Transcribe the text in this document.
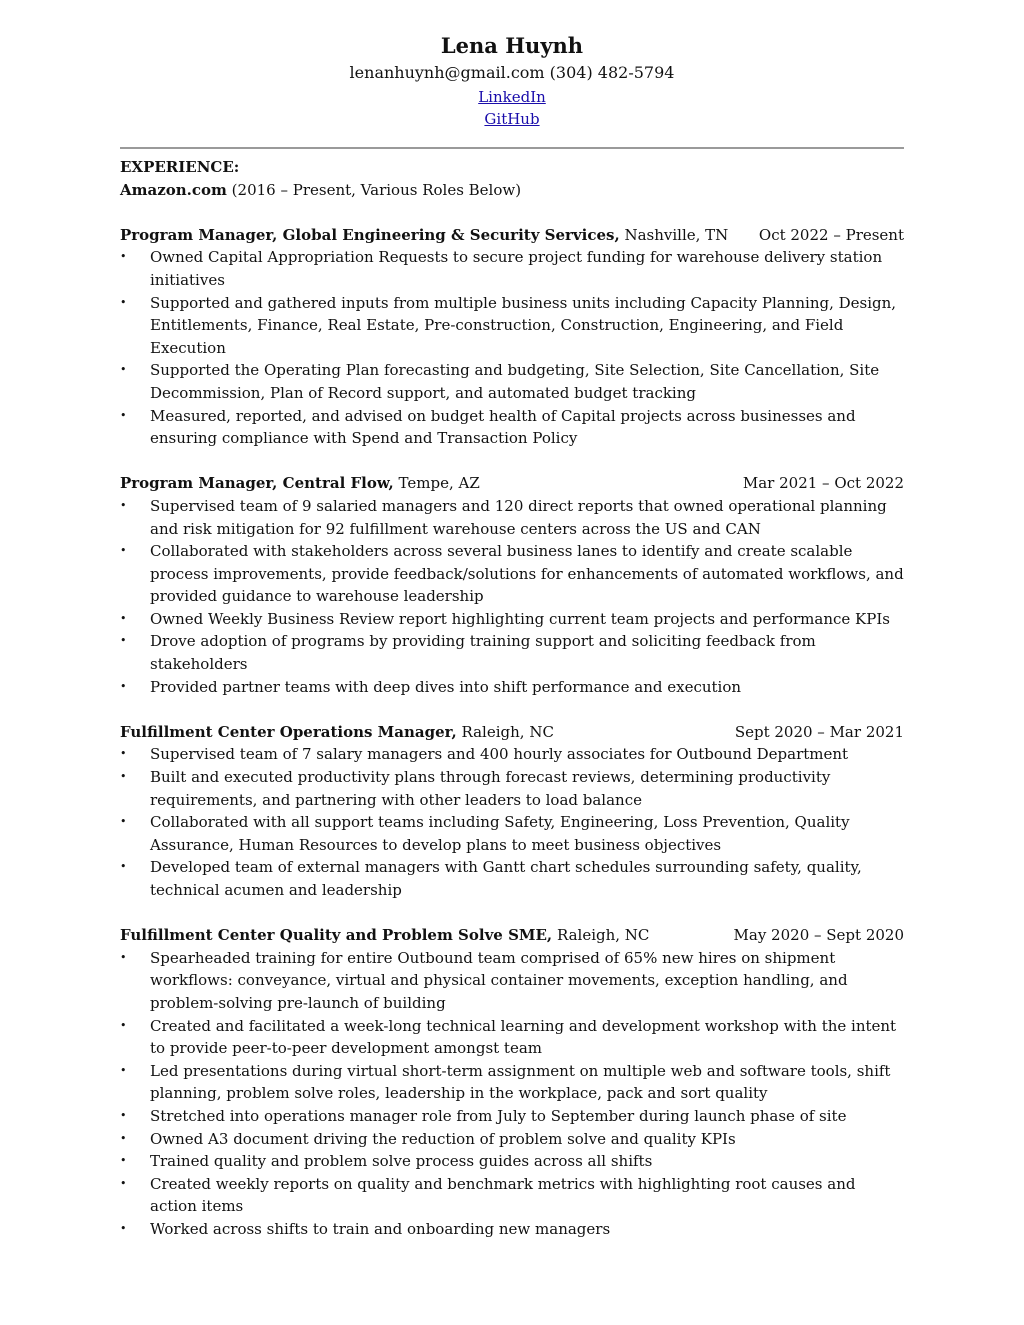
Lena Huynh
lenanhuynh@gmail.com (304) 482-5794
LinkedIn
GitHub
EXPERIENCE:
Amazon.com (2016 – Present, Various Roles Below)
Program Manager, Global Engineering & Security Services, Nashville, TN Oct 2022 – Present
• Owned Capital Appropriation Requests to secure project funding for warehouse delivery station initiatives
• Supported and gathered inputs from multiple business units including Capacity Planning, Design, Entitlements, Finance, Real Estate, Pre-construction, Construction, Engineering, and Field Execution
• Supported the Operating Plan forecasting and budgeting, Site Selection, Site Cancellation, Site Decommission, Plan of Record support, and automated budget tracking
• Measured, reported, and advised on budget health of Capital projects across businesses and ensuring compliance with Spend and Transaction Policy
Program Manager, Central Flow, Tempe, AZ	Mar 2021 – Oct 2022
• Supervised team of 9 salaried managers and 120 direct reports that owned operational planning and risk mitigation for 92 fulfillment warehouse centers across the US and CAN
• Collaborated with stakeholders across several business lanes to identify and create scalable process improvements, provide feedback/solutions for enhancements of automated workflows, and provided guidance to warehouse leadership
• Owned Weekly Business Review report highlighting current team projects and performance KPIs
• Drove adoption of programs by providing training support and soliciting feedback from stakeholders
• Provided partner teams with deep dives into shift performance and execution
Fulfillment Center Operations Manager, Raleigh, NC	Sept 2020 – Mar 2021
• Supervised team of 7 salary managers and 400 hourly associates for Outbound Department
• Built and executed productivity plans through forecast reviews, determining productivity requirements, and partnering with other leaders to load balance
• Collaborated with all support teams including Safety, Engineering, Loss Prevention, Quality Assurance, Human Resources to develop plans to meet business objectives
• Developed team of external managers with Gantt chart schedules surrounding safety, quality, technical acumen and leadership
Fulfillment Center Quality and Problem Solve SME, Raleigh, NC	May 2020 – Sept 2020
• Spearheaded training for entire Outbound team comprised of 65% new hires on shipment workflows: conveyance, virtual and physical container movements, exception handling, and problem-solving pre-launch of building
• Created and facilitated a week-long technical learning and development workshop with the intent to provide peer-to-peer development amongst team
• Led presentations during virtual short-term assignment on multiple web and software tools, shift planning, problem solve roles, leadership in the workplace, pack and sort quality
• Stretched into operations manager role from July to September during launch phase of site
• Owned A3 document driving the reduction of problem solve and quality KPIs
• Trained quality and problem solve process guides across all shifts
• Created weekly reports on quality and benchmark metrics with highlighting root causes and action items
• Worked across shifts to train and onboarding new managers
